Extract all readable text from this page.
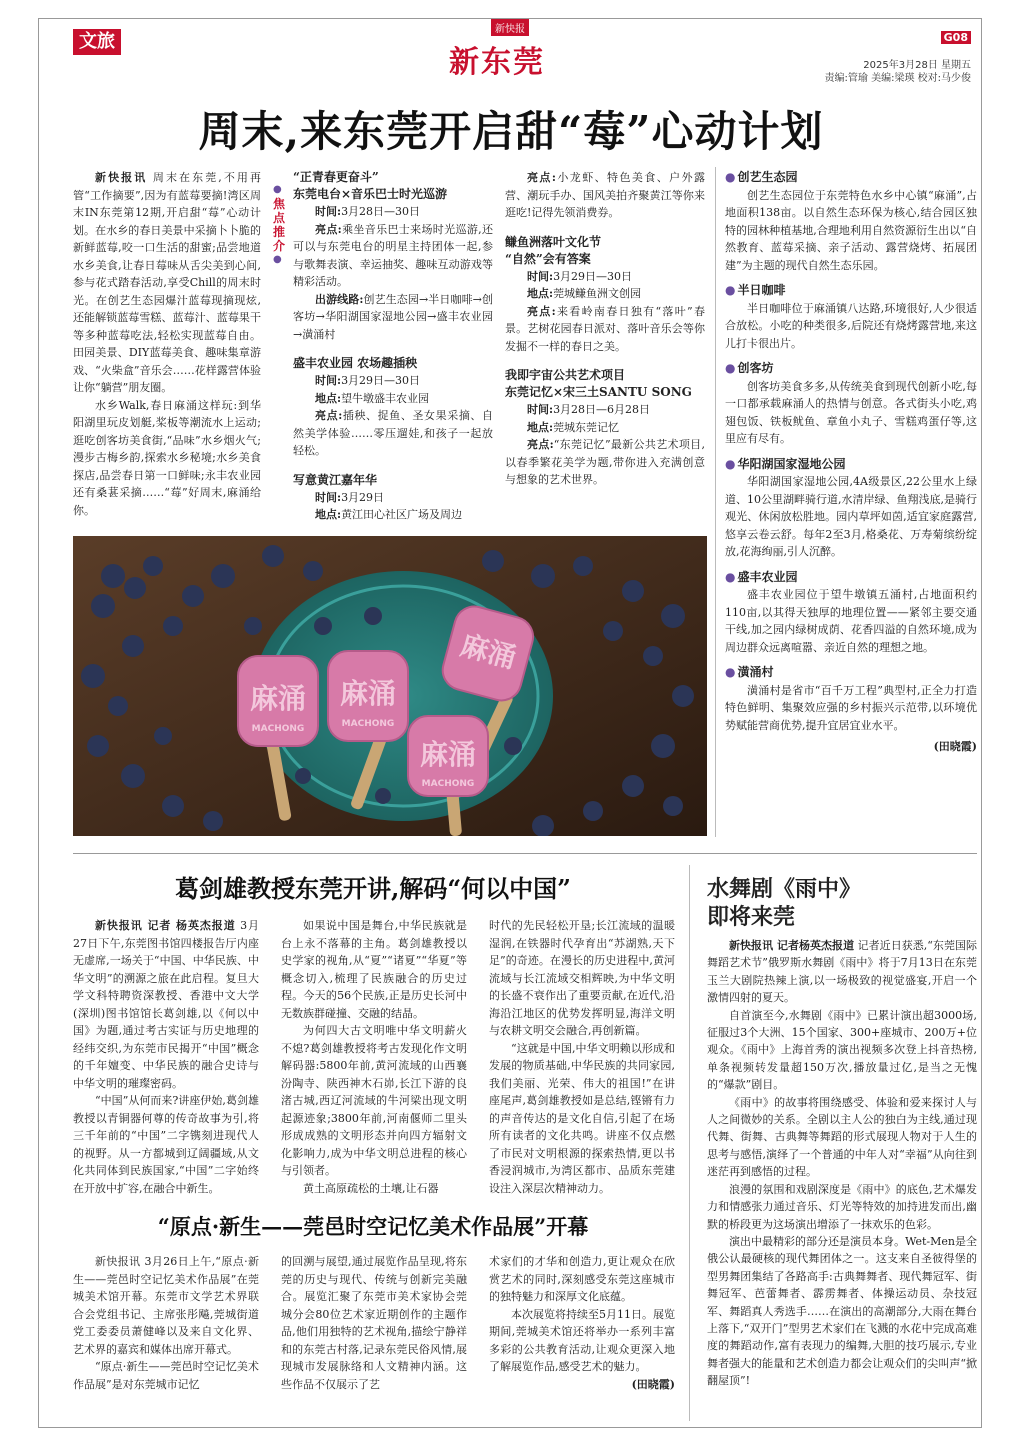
文旅
新快报
新东莞
G08
2025年3月28日 星期五
责编:管瑜 美编:梁瑛 校对:马少俊
周末,来东莞开启甜“莓”心动计划

新快报讯 周末在东莞,不用再管“工作摘要”,因为有蓝莓要摘!湾区周末IN东莞第12期,开启甜“莓”心动计划。在水乡的春日美景中采摘卜卜脆的新鲜蓝莓,咬一口生活的甜蜜;品尝地道水乡美食,让春日莓味从舌尖美到心间,参与花式踏春活动,享受Chill的周末时光。在创艺生态园爆汁蓝莓现摘现炫,还能解锁蓝莓雪糕、蓝莓汁、蓝莓果干等多种蓝莓吃法,轻松实现蓝莓自由。田园美景、DIY蓝莓美食、趣味集章游戏、“火柴盒”音乐会……花样露营体验让你“躺营”朋友圈。

水乡Walk,春日麻涌这样玩:到华阳湖里玩皮划艇,桨板等潮流水上运动;逛吃创客坊美食街,“品味”水乡烟火气;漫步古梅乡韵,探索水乡秘境;水乡美食探店,品尝春日第一口鲜味;永丰农业园还有桑葚采摘……“莓”好周末,麻涌给你。

●
焦点推介
●
“正青春更奋斗”
东莞电台×音乐巴士时光巡游
时间:3月28日—30日
亮点:乘坐音乐巴士来场时光巡游,还可以与东莞电台的明星主持团体一起,参与歌舞表演、幸运抽奖、趣味互动游戏等精彩活动。
出游线路:创艺生态园→半日咖啡→创客坊→华阳湖国家湿地公园→盛丰农业园→潢涌村
盛丰农业园 农场趣插秧
时间:3月29日—30日
地点:望牛墩盛丰农业园
亮点:插秧、捉鱼、圣女果采摘、自然美学体验……零压遛娃,和孩子一起放轻松。
写意黄江嘉年华
时间:3月29日
地点:黄江田心社区广场及周边
亮点:小龙虾、特色美食、户外露营、潮玩手办、国风美拍齐聚黄江等你来逛吃!记得先领消费券。
鳒鱼洲落叶文化节
“自然”会有答案
时间:3月29日—30日
地点:莞城鳒鱼洲文创园
亮点:来看岭南春日独有“落叶”春景。艺树花园春日派对、落叶音乐会等你发掘不一样的春日之美。
我即宇宙公共艺术项目
东莞记忆×宋三土SANTU SONG
时间:3月28日—6月28日
地点:莞城东莞记忆
亮点:“东莞记忆”最新公共艺术项目,以春季繁花美学为题,带你进入充满创意与想象的艺术世界。
● 创艺生态园

创艺生态园位于东莞特色水乡中心镇“麻涌”,占地面积138亩。以自然生态环保为核心,结合园区独特的园林种植基地,合理地利用自然资源衍生出以“自然教育、蓝莓采摘、亲子活动、露营烧烤、拓展团建”为主题的现代自然生态乐园。

● 半日咖啡

半日咖啡位于麻涌镇八达路,环境很好,人少很适合放松。小吃的种类很多,后院还有烧烤露营地,来这儿打卡很出片。

● 创客坊

创客坊美食多多,从传统美食到现代创新小吃,每一口都承载麻涌人的热情与创意。各式街头小吃,鸡翅包饭、铁板鱿鱼、章鱼小丸子、雪糕鸡蛋仔等,这里应有尽有。

● 华阳湖国家湿地公园

华阳湖国家湿地公园,4A级景区,22公里水上绿道、10公里湖畔骑行道,水清岸绿、鱼翔浅底,是骑行观光、休闲放松胜地。园内草坪如茵,适宜家庭露营,悠享云卷云舒。每年2至3月,格桑花、万寿菊缤纷绽放,花海绚丽,引人沉醉。

● 盛丰农业园

盛丰农业园位于望牛墩镇五涌村,占地面积约110亩,以其得天独厚的地理位置——紧邻主要交通干线,加之园内绿树成荫、花香四溢的自然环境,成为周边群众远离喧嚣、亲近自然的理想之地。

● 潢涌村

潢涌村是省市“百千万工程”典型村,正全力打造特色鲜明、集聚效应强的乡村振兴示范带,以环境优势赋能营商优势,提升宜居宜业水平。

(田晓霞)
麻涌 麻涌
麻涌
麻涌
MACHONG	MACHONG
MACHONG
葛剑雄教授东莞开讲,解码“何以中国”

新快报讯 记者 杨英杰报道 3月27日下午,东莞图书馆四楼报告厅内座无虚席,一场关于“中国、中华民族、中华文明”的溯源之旅在此启程。复旦大学文科特聘资深教授、香港中文大学(深圳)图书馆馆长葛剑雄,以《何以中国》为题,通过考古实证与历史地理的经纬交织,为东莞市民揭开“中国”概念的千年嬗变、中华民族的融合史诗与中华文明的璀璨密码。

“中国”从何而来?讲座伊始,葛剑雄教授以青铜器何尊的传奇故事为引,将三千年前的“中国”二字镌刻进现代人的视野。从一方都城到辽阔疆域,从文化共同体到民族国家,“中国”二字始终在开放中扩容,在融合中新生。

如果说中国是舞台,中华民族就是台上永不落幕的主角。葛剑雄教授以史学家的视角,从“夏”“诸夏”“华夏”等概念切入,梳理了民族融合的历史过程。今天的56个民族,正是历史长河中无数族群碰撞、交融的结晶。

为何四大古文明唯中华文明薪火不熄?葛剑雄教授将考古发现化作文明解码器:5800年前,黄河流域的山西襄汾陶寺、陕西神木石峁,长江下游的良渚古城,西辽河流域的牛河梁出现文明起源迹象;3800年前,河南偃师二里头形成成熟的文明形态并向四方辐射文化影响力,成为中华文明总进程的核心与引领者。

黄土高原疏松的土壤,让石器

时代的先民轻松开垦;长江流域的温暖湿润,在铁器时代孕育出“苏湖熟,天下足”的奇迹。在漫长的历史进程中,黄河流域与长江流域交相辉映,为中华文明的长盛不衰作出了重要贡献,在近代,沿海沿江地区的优势发挥明显,海洋文明与农耕文明交会融合,再创新篇。

“这就是中国,中华文明赖以形成和发展的物质基础,中华民族的共同家园,我们美丽、光荣、伟大的祖国!”在讲座尾声,葛剑雄教授如是总结,铿锵有力的声音传达的是文化自信,引起了在场所有读者的文化共鸣。讲座不仅点燃了市民对文明根源的探索热情,更以书香浸润城市,为湾区都市、品质东莞建设注入深层次精神动力。

“原点·新生——莞邑时空记忆美术作品展”开幕

新快报讯 3月26日上午,“原点·新生——莞邑时空记忆美术作品展”在莞城美术馆开幕。东莞市文学艺术界联合会党组书记、主席张彤飚,莞城街道党工委委员萧健峰以及来自文化界、艺术界的嘉宾和媒体出席开幕式。

“原点·新生——莞邑时空记忆美术作品展”是对东莞城市记忆

的回溯与展望,通过展览作品呈现,将东莞的历史与现代、传统与创新完美融合。展览汇聚了东莞市美术家协会莞城分会80位艺术家近期创作的主题作品,他们用独特的艺术视角,描绘宁静祥和的东莞古村落,记录东莞民俗风情,展现城市发展脉络和人文精神内涵。这些作品不仅展示了艺

术家们的才华和创造力,更让观众在欣赏艺术的同时,深刻感受东莞这座城市的独特魅力和深厚文化底蕴。

本次展览将持续至5月11日。展览期间,莞城美术馆还将举办一系列丰富多彩的公共教育活动,让观众更深入地了解展览作品,感受艺术的魅力。

(田晓霞)
水舞剧《雨中》
即将来莞

新快报讯 记者杨英杰报道 记者近日获悉,“东莞国际舞蹈艺术节”俄罗斯水舞剧《雨中》将于7月13日在东莞玉兰大剧院热辣上演,以一场极致的视觉盛宴,开启一个激情四射的夏天。

自首演至今,水舞剧《雨中》已累计演出超3000场,征服过3个大洲、15个国家、300+座城市、200万+位观众。《雨中》上海首秀的演出视频多次登上抖音热榜,单条视频转发量超150万次,播放量过亿,是当之无愧的“爆款”剧目。

《雨中》的故事将围绕感受、体验和爱来探讨人与人之间微妙的关系。全剧以主人公的独白为主线,通过现代舞、街舞、古典舞等舞蹈的形式展现人物对于人生的思考与感悟,演绎了一个普通的中年人对“幸福”从向往到迷茫再到感悟的过程。

浪漫的氛围和戏剧深度是《雨中》的底色,艺术爆发力和情感张力通过音乐、灯光等特效的加持进发而出,幽默的桥段更为这场演出增添了一抹欢乐的色彩。

演出中最精彩的部分还是演员本身。Wet-Men是全俄公认最硬核的现代舞团体之一。这支来自圣彼得堡的型男舞团集结了各路高手:古典舞舞者、现代舞冠军、街舞冠军、芭蕾舞者、霹雳舞者、体操运动员、杂技冠军、舞蹈真人秀选手……在演出的高潮部分,大雨在舞台上落下,“双开门”型男艺术家们在飞溅的水花中完成高难度的舞蹈动作,富有表现力的编舞,大胆的技巧展示,专业舞者强大的能量和艺术创造力都会让观众们的尖叫声“掀翻屋顶”!
